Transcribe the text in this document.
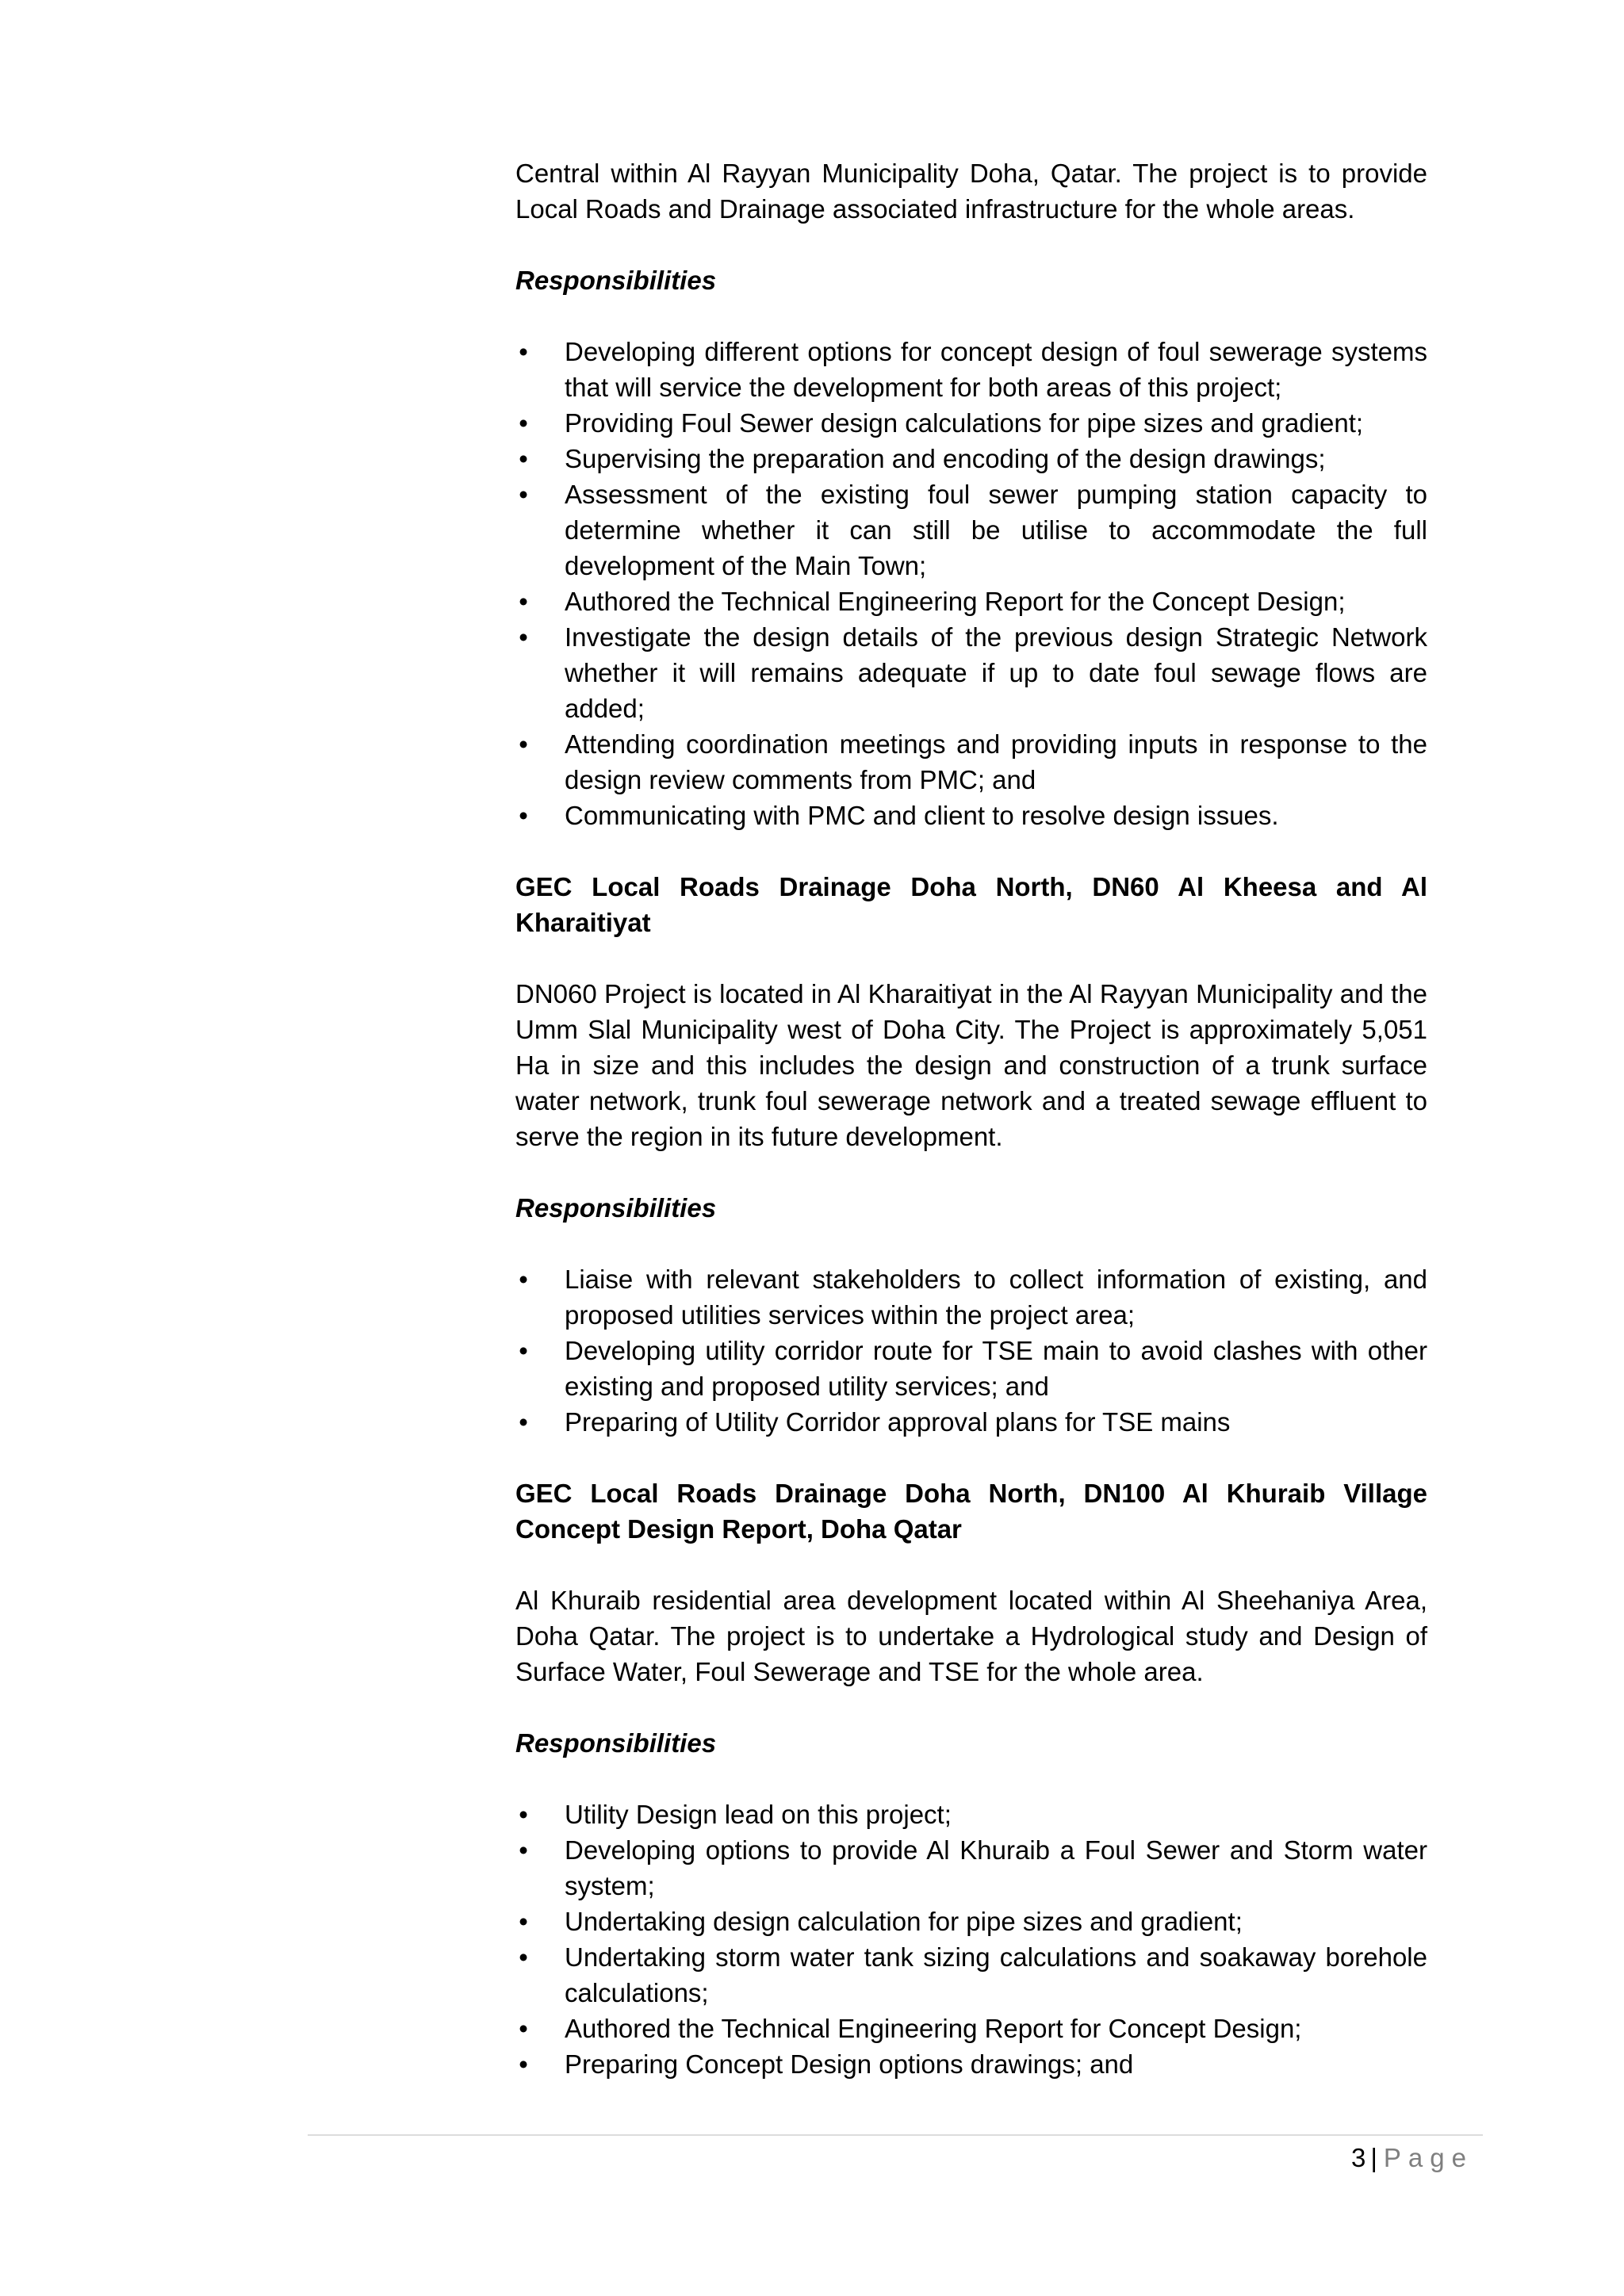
Central within Al Rayyan Municipality Doha, Qatar. The project is to provide Local Roads and Drainage associated infrastructure for the whole areas.

Responsibilities

• Developing different options for concept design of foul sewerage systems that will service the development for both areas of this project;
• Providing Foul Sewer design calculations for pipe sizes and gradient;
• Supervising the preparation and encoding of the design drawings;
• Assessment of the existing foul sewer pumping station capacity to determine whether it can still be utilise to accommodate the full development of the Main Town;
• Authored the Technical Engineering Report for the Concept Design;
• Investigate the design details of the previous design Strategic Network whether it will remains adequate if up to date foul sewage flows are added;
• Attending coordination meetings and providing inputs in response to the design review comments from PMC; and
• Communicating with PMC and client to resolve design issues.

GEC Local Roads Drainage Doha North, DN60 Al Kheesa and Al Kharaitiyat

DN060 Project is located in Al Kharaitiyat in the Al Rayyan Municipality and the Umm Slal Municipality west of Doha City. The Project is approximately 5,051 Ha in size and this includes the design and construction of a trunk surface water network, trunk foul sewerage network and a treated sewage effluent to serve the region in its future development.

Responsibilities

• Liaise with relevant stakeholders to collect information of existing, and proposed utilities services within the project area;
• Developing utility corridor route for TSE main to avoid clashes with other existing and proposed utility services; and
• Preparing of Utility Corridor approval plans for TSE mains

GEC Local Roads Drainage Doha North, DN100 Al Khuraib Village Concept Design Report, Doha Qatar

Al Khuraib residential area development located within Al Sheehaniya Area, Doha Qatar. The project is to undertake a Hydrological study and Design of Surface Water, Foul Sewerage and TSE for the whole area.

Responsibilities

• Utility Design lead on this project;
• Developing options to provide Al Khuraib a Foul Sewer and Storm water system;
• Undertaking design calculation for pipe sizes and gradient;
• Undertaking storm water tank sizing calculations and soakaway borehole calculations;
• Authored the Technical Engineering Report for Concept Design;
• Preparing Concept Design options drawings; and
3 | Page
